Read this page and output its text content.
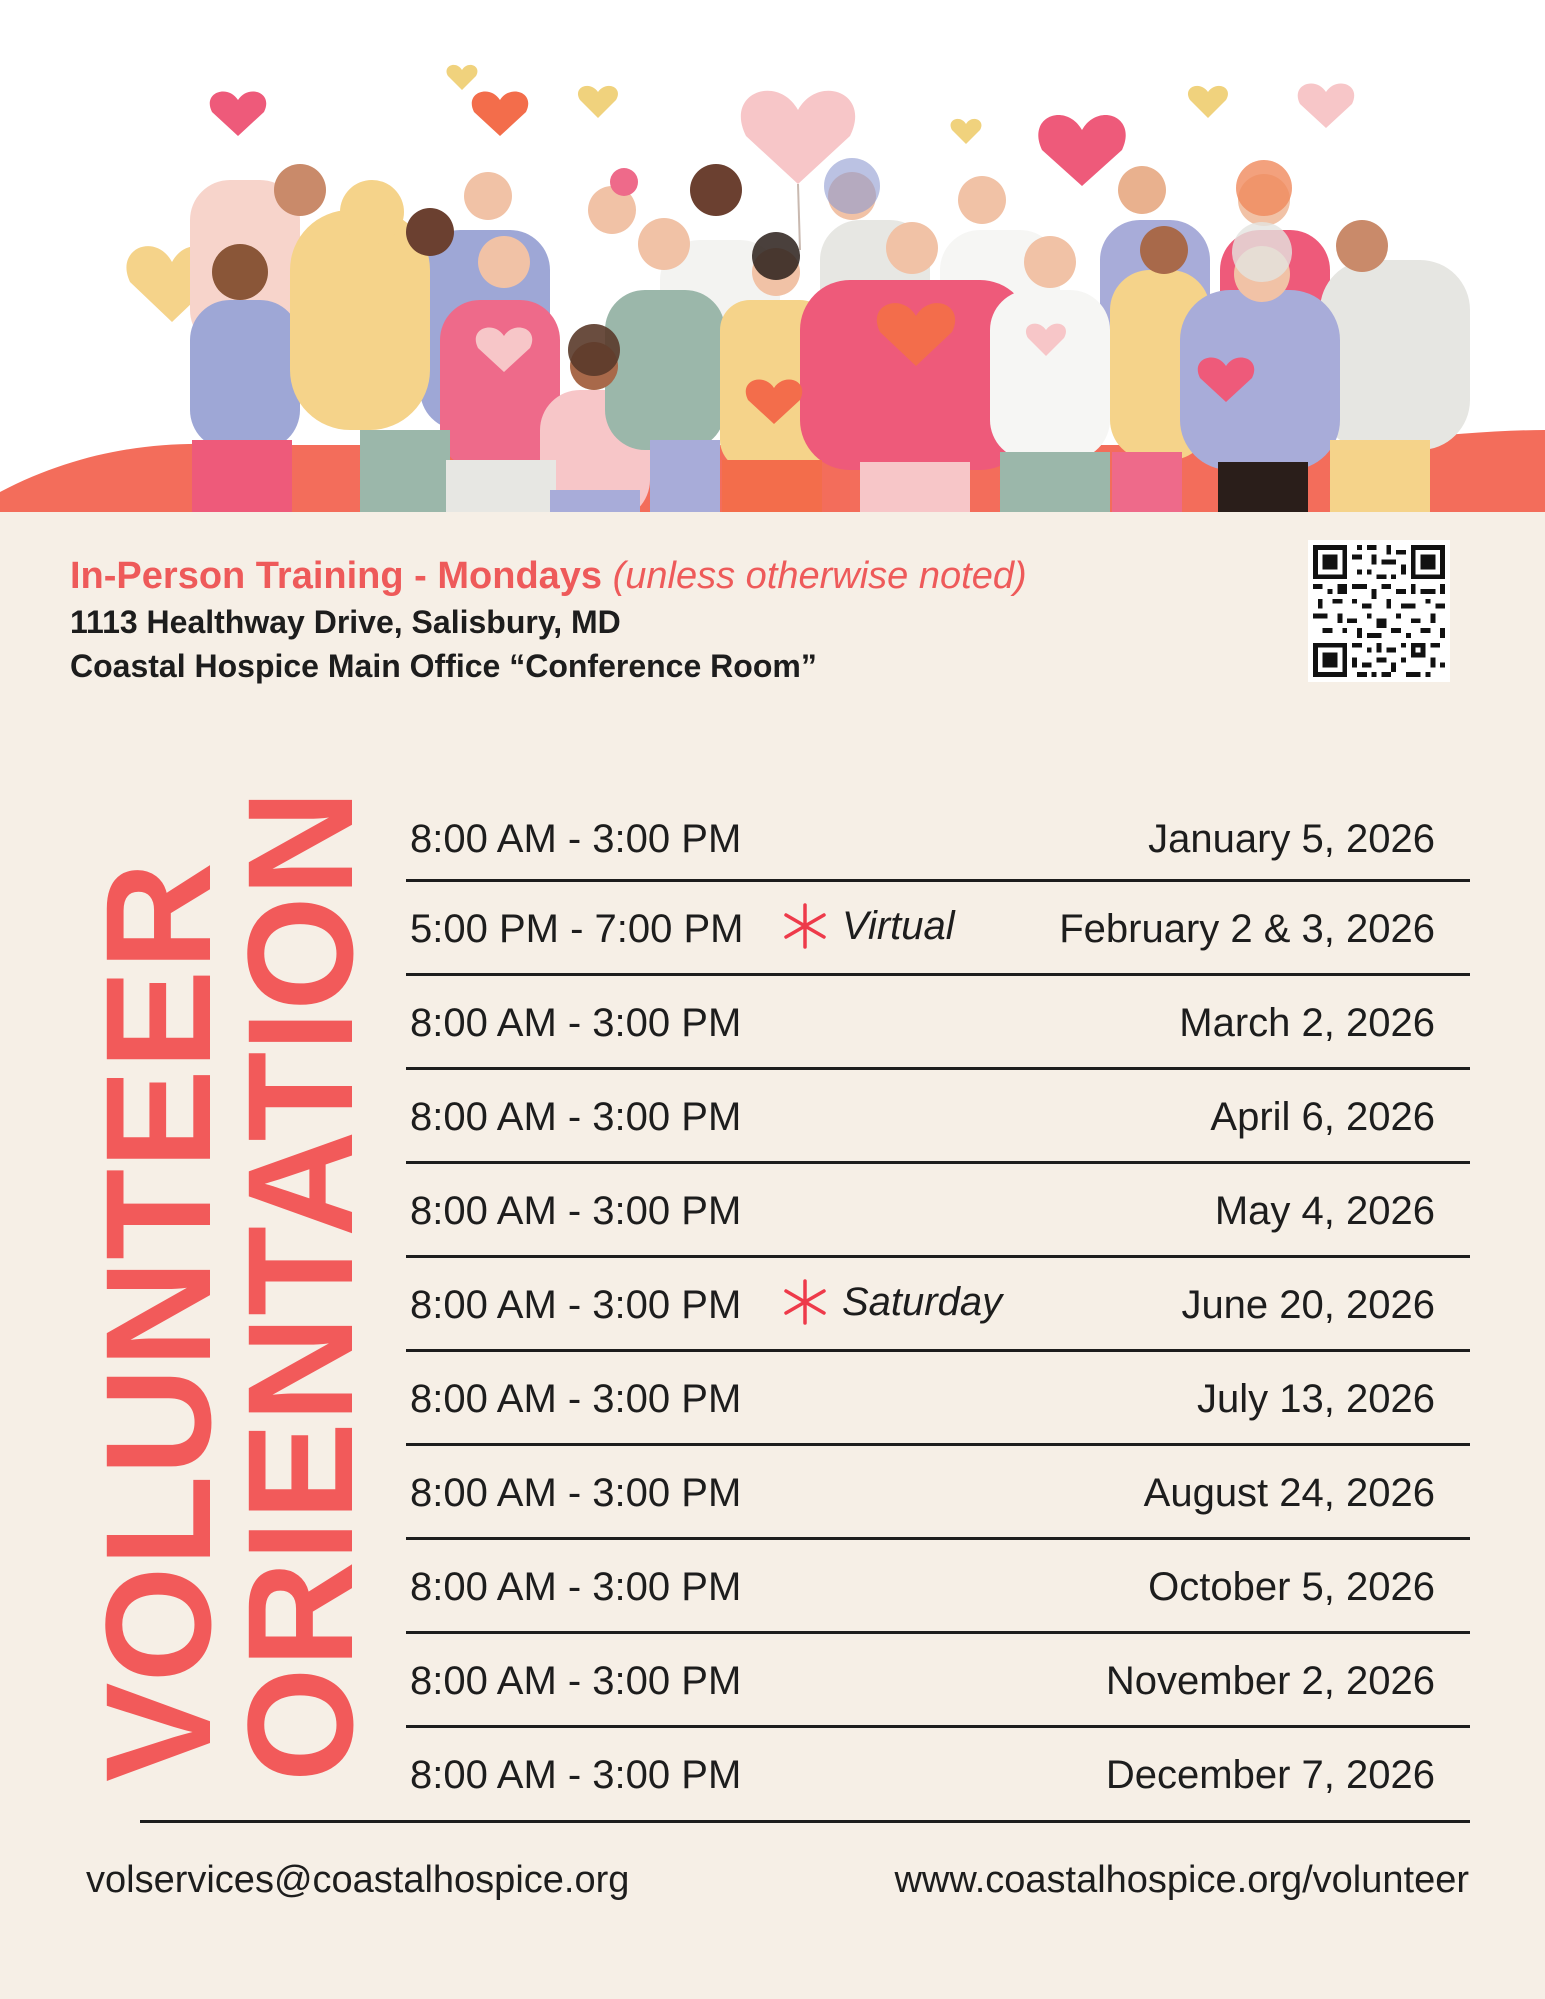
In-Person Training - Mondays (unless otherwise noted)
1113 Healthway Drive, Salisbury, MD
Coastal Hospice Main Office “Conference Room”
VOLUNTEER
ORIENTATION 8:00 AM - 3:00 PM	January 5, 2026
5:00 PM - 7:00 PM Virtual	February 2 & 3, 2026
8:00 AM - 3:00 PM	March 2, 2026
8:00 AM - 3:00 PM	April 6, 2026
8:00 AM - 3:00 PM	May 4, 2026
8:00 AM - 3:00 PM	Saturday	June 20, 2026
8:00 AM - 3:00 PM	July 13, 2026
8:00 AM - 3:00 PM	August 24, 2026
8:00 AM - 3:00 PM	October 5, 2026
8:00 AM - 3:00 PM	November 2, 2026
8:00 AM - 3:00 PM	December 7, 2026
volservices@coastalhospice.org	www.coastalhospice.org/volunteer
